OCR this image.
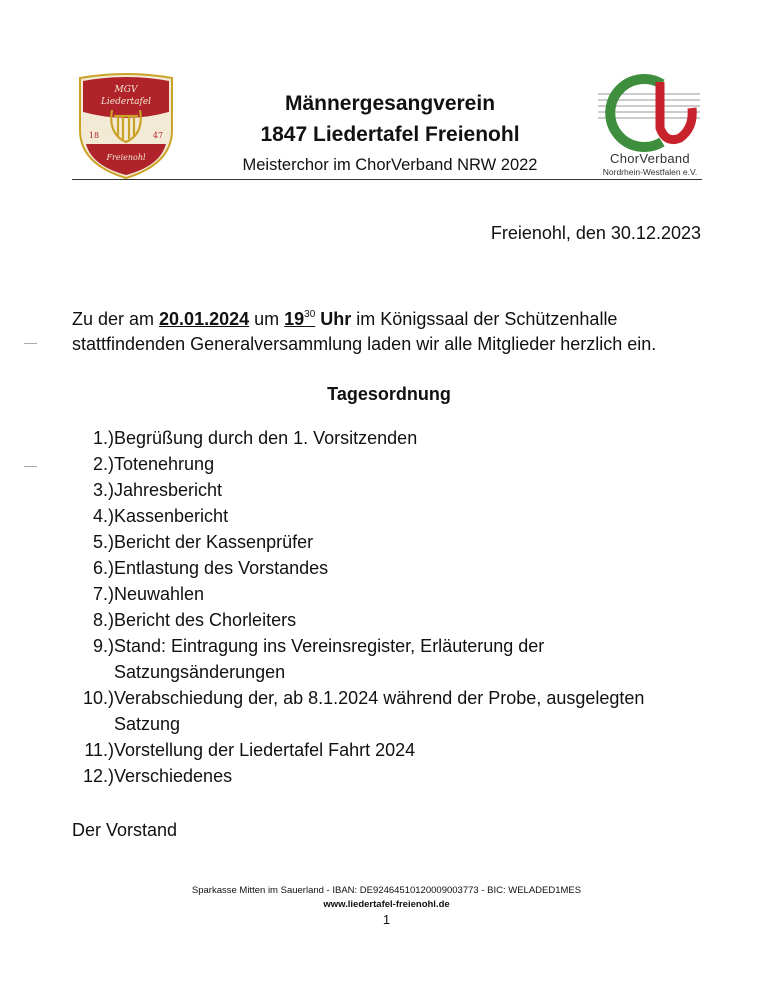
MGV
Liedertafel
18	47
Freienohl
Männergesangverein
1847 Liedertafel Freienohl
Meisterchor im ChorVerband NRW 2022	ChorVerband
Nordrhein-Westfalen e.V.
Freienohl, den 30.12.2023
Zu der am 20.01.2024 um $19^{30}$ Uhr im Königssaal der Schützenhalle stattfindenden Generalversammlung laden wir alle Mitglieder herzlich ein.
Tagesordnung
1.) Begrüßung durch den 1. Vorsitzenden
2.) Totenehrung
3.) Jahresbericht
4.) Kassenbericht
5.) Bericht der Kassenprüfer
6.) Entlastung des Vorstandes
7.) Neuwahlen
8.) Bericht des Chorleiters
9.) Stand: Eintragung ins Vereinsregister, Erläuterung der Satzungsänderungen
10.) Verabschiedung der, ab 8.1.2024 während der Probe, ausgelegten Satzung
11.) Vorstellung der Liedertafel Fahrt 2024
12.) Verschiedenes
Der Vorstand
Sparkasse Mitten im Sauerland - IBAN: DE92464510120009003773 - BIC: WELADED1MES
www.liedertafel-freienohl.de
1
